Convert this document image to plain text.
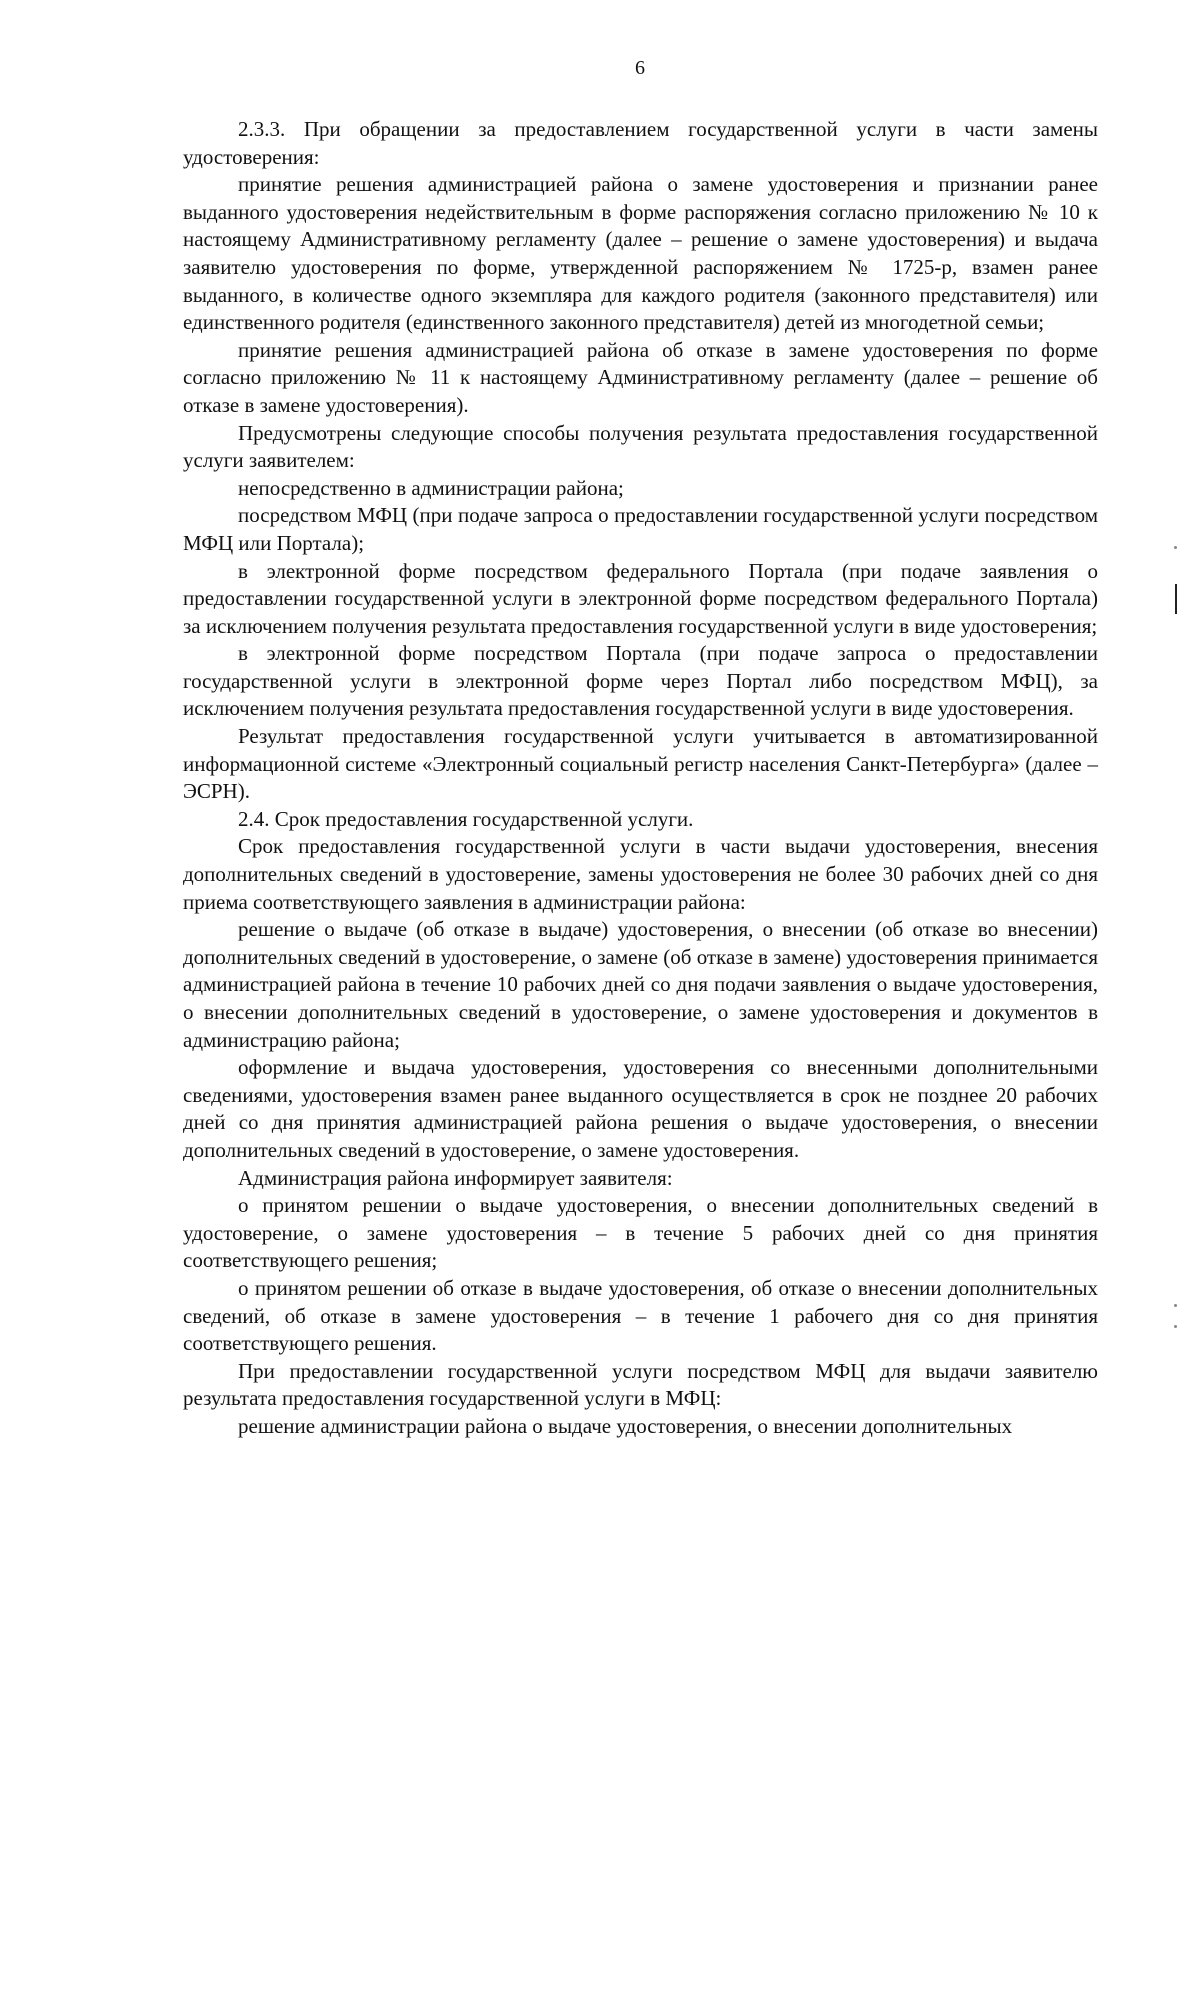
6

2.3.3. При обращении за предоставлением государственной услуги в части замены удостоверения:

принятие решения администрацией района о замене удостоверения и признании ранее выданного удостоверения недействительным в форме распоряжения согласно приложению № 10 к настоящему Административному регламенту (далее – решение о замене удостоверения) и выдача заявителю удостоверения по форме, утвержденной распоряжением № 1725-р, взамен ранее выданного, в количестве одного экземпляра для каждого родителя (законного представителя) или единственного родителя (единственного законного представителя) детей из многодетной семьи;

принятие решения администрацией района об отказе в замене удостоверения по форме согласно приложению № 11 к настоящему Административному регламенту (далее – решение об отказе в замене удостоверения).

Предусмотрены следующие способы получения результата предоставления государственной услуги заявителем:

непосредственно в администрации района;

посредством МФЦ (при подаче запроса о предоставлении государственной услуги посредством МФЦ или Портала);

в электронной форме посредством федерального Портала (при подаче заявления о предоставлении государственной услуги в электронной форме посредством федерального Портала) за исключением получения результата предоставления государственной услуги в виде удостоверения;

в электронной форме посредством Портала (при подаче запроса о предоставлении государственной услуги в электронной форме через Портал либо посредством МФЦ), за исключением получения результата предоставления государственной услуги в виде удостоверения.

Результат предоставления государственной услуги учитывается в автоматизированной информационной системе «Электронный социальный регистр населения Санкт-Петербурга» (далее – ЭСРН).

2.4. Срок предоставления государственной услуги.

Срок предоставления государственной услуги в части выдачи удостоверения, внесения дополнительных сведений в удостоверение, замены удостоверения не более 30 рабочих дней со дня приема соответствующего заявления в администрации района:

решение о выдаче (об отказе в выдаче) удостоверения, о внесении (об отказе во внесении) дополнительных сведений в удостоверение, о замене (об отказе в замене) удостоверения принимается администрацией района в течение 10 рабочих дней со дня подачи заявления о выдаче удостоверения, о внесении дополнительных сведений в удостоверение, о замене удостоверения и документов в администрацию района;

оформление и выдача удостоверения, удостоверения со внесенными дополнительными сведениями, удостоверения взамен ранее выданного осуществляется в срок не позднее 20 рабочих дней со дня принятия администрацией района решения о выдаче удостоверения, о внесении дополнительных сведений в удостоверение, о замене удостоверения.

Администрация района информирует заявителя:

о принятом решении о выдаче удостоверения, о внесении дополнительных сведений в удостоверение, о замене удостоверения – в течение 5 рабочих дней со дня принятия соответствующего решения;

о принятом решении об отказе в выдаче удостоверения, об отказе о внесении дополнительных сведений, об отказе в замене удостоверения – в течение 1 рабочего дня со дня принятия соответствующего решения.

При предоставлении государственной услуги посредством МФЦ для выдачи заявителю результата предоставления государственной услуги в МФЦ:

решение администрации района о выдаче удостоверения, о внесении дополнительных
